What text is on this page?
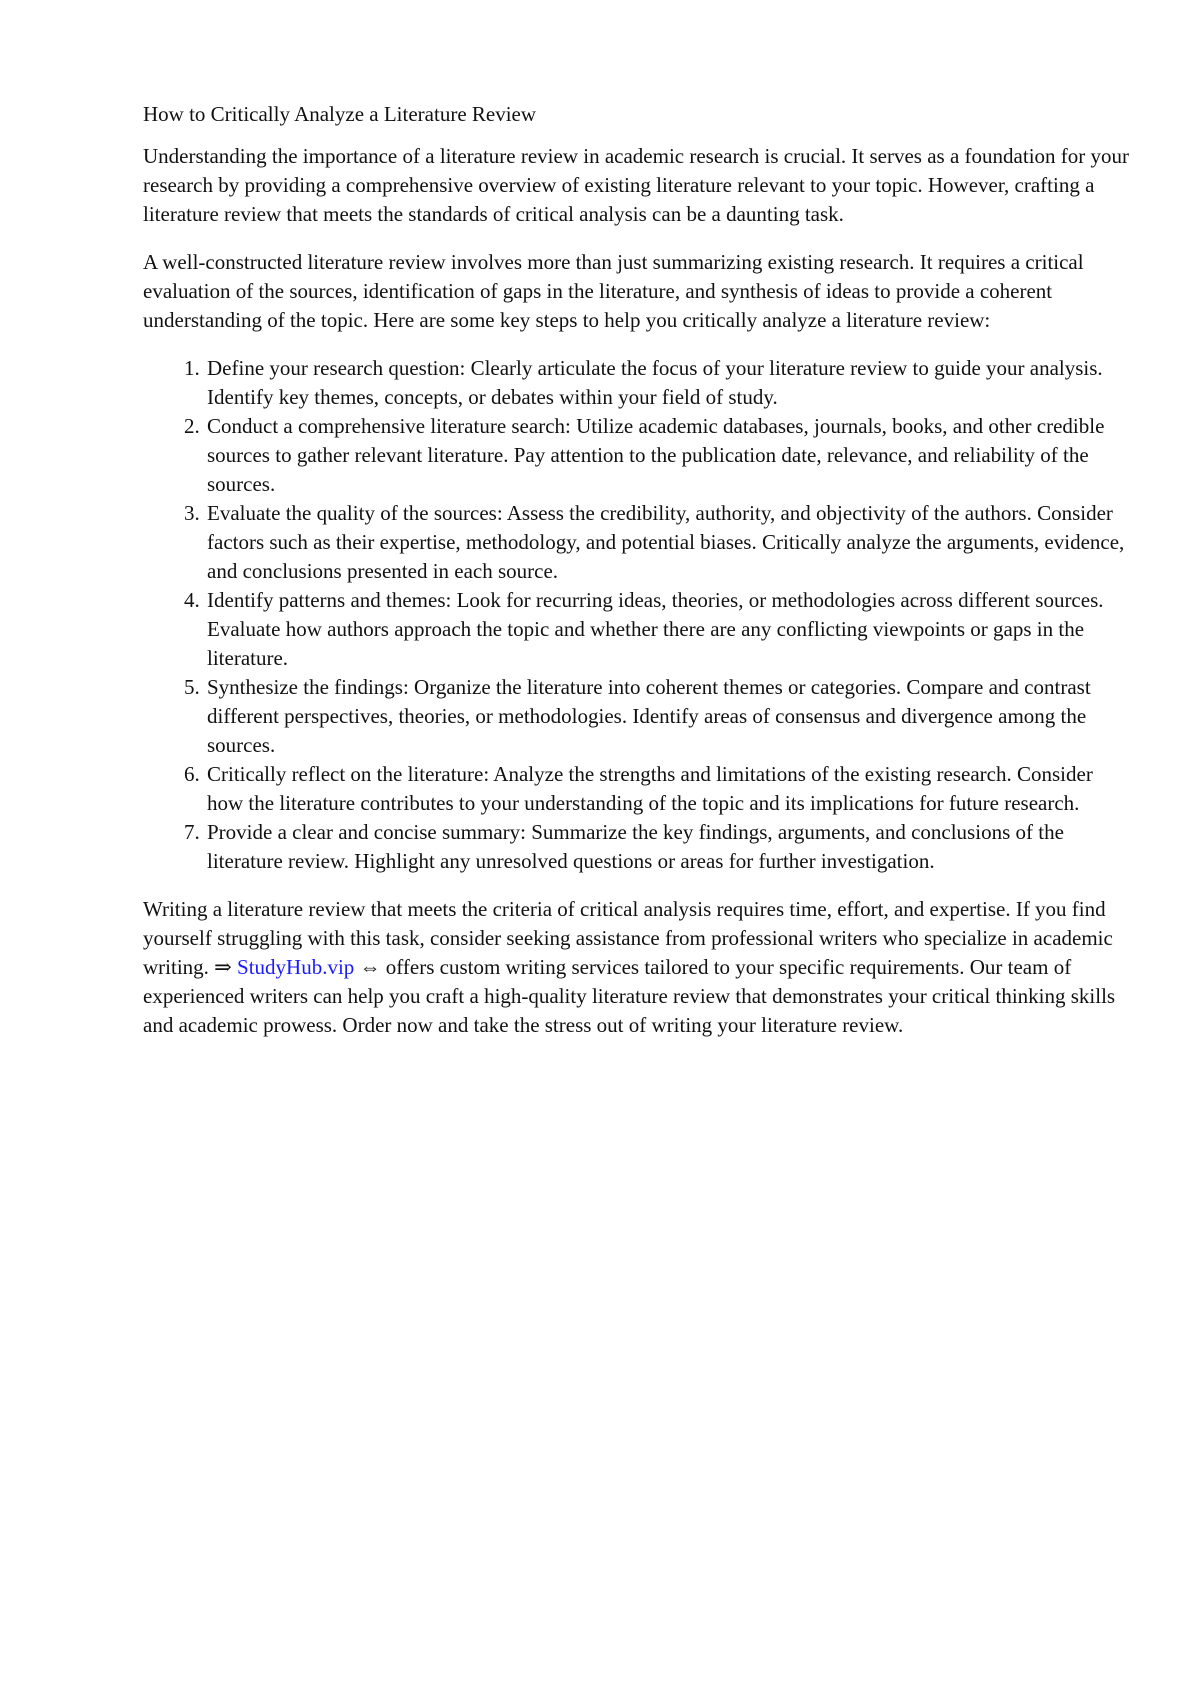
How to Critically Analyze a Literature Review

Understanding the importance of a literature review in academic research is crucial. It serves as a foundation for your research by providing a comprehensive overview of existing literature relevant to your topic. However, crafting a literature review that meets the standards of critical analysis can be a daunting task.

A well-constructed literature review involves more than just summarizing existing research. It requires a critical evaluation of the sources, identification of gaps in the literature, and synthesis of ideas to provide a coherent understanding of the topic. Here are some key steps to help you critically analyze a literature review:

1. Define your research question: Clearly articulate the focus of your literature review to guide your analysis. Identify key themes, concepts, or debates within your field of study.
2. Conduct a comprehensive literature search: Utilize academic databases, journals, books, and other credible sources to gather relevant literature. Pay attention to the publication date, relevance, and reliability of the sources.
3. Evaluate the quality of the sources: Assess the credibility, authority, and objectivity of the authors. Consider factors such as their expertise, methodology, and potential biases. Critically analyze the arguments, evidence, and conclusions presented in each source.
4. Identify patterns and themes: Look for recurring ideas, theories, or methodologies across different sources. Evaluate how authors approach the topic and whether there are any conflicting viewpoints or gaps in the literature.
5. Synthesize the findings: Organize the literature into coherent themes or categories. Compare and contrast different perspectives, theories, or methodologies. Identify areas of consensus and divergence among the sources.
6. Critically reflect on the literature: Analyze the strengths and limitations of the existing research. Consider how the literature contributes to your understanding of the topic and its implications for future research.
7. Provide a clear and concise summary: Summarize the key findings, arguments, and conclusions of the literature review. Highlight any unresolved questions or areas for further investigation.

Writing a literature review that meets the criteria of critical analysis requires time, effort, and expertise. If you find yourself struggling with this task, consider seeking assistance from professional writers who specialize in academic writing. ⇒ StudyHub.vip ⇔ offers custom writing services tailored to your specific requirements. Our team of experienced writers can help you craft a high-quality literature review that demonstrates your critical thinking skills and academic prowess. Order now and take the stress out of writing your literature review.
